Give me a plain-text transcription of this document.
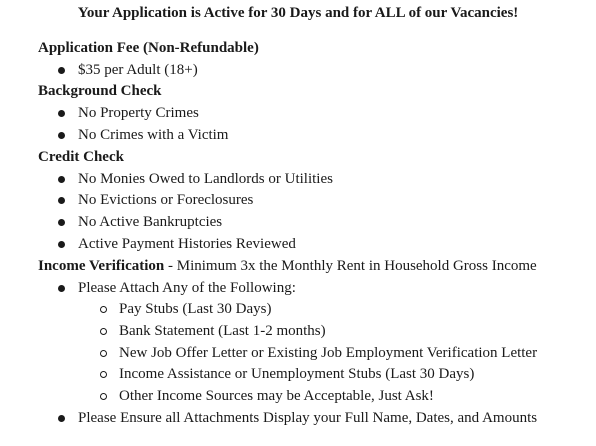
Your Application is Active for 30 Days and for ALL of our Vacancies!
Application Fee (Non-Refundable)
$35 per Adult (18+)
Background Check
No Property Crimes
No Crimes with a Victim
Credit Check
No Monies Owed to Landlords or Utilities
No Evictions or Foreclosures
No Active Bankruptcies
Active Payment Histories Reviewed
Income Verification - Minimum 3x the Monthly Rent in Household Gross Income
Please Attach Any of the Following:
Pay Stubs (Last 30 Days)
Bank Statement (Last 1-2 months)
New Job Offer Letter or Existing Job Employment Verification Letter
Income Assistance or Unemployment Stubs (Last 30 Days)
Other Income Sources may be Acceptable, Just Ask!
Please Ensure all Attachments Display your Full Name, Dates, and Amounts
